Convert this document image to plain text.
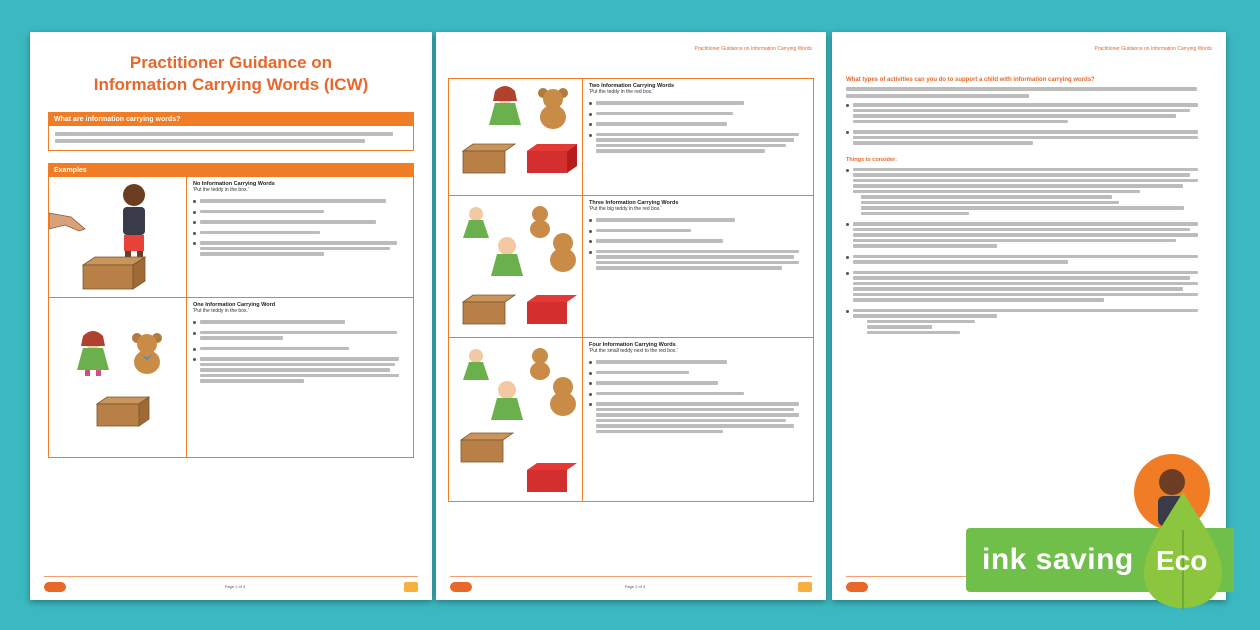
Practitioner Guidance on
Information Carrying Words (ICW)
What are information carrying words?
Examples
No Information Carrying Words
'Put the teddy in the box.'
One Information Carrying Word
'Put the teddy in the box.'
Page 1 of 3
Practitioner Guidance on Information Carrying Words
Two Information Carrying Words
'Put the teddy in the red box.'
Three Information Carrying Words
'Put the big teddy in the red box.'
Four Information Carrying Words
'Put the small teddy next to the red box.'
Page 2 of 3
Practitioner Guidance on Information Carrying Words
What types of activities can you do to support a child with information carrying words?
Things to consider:
ink saving Eco
